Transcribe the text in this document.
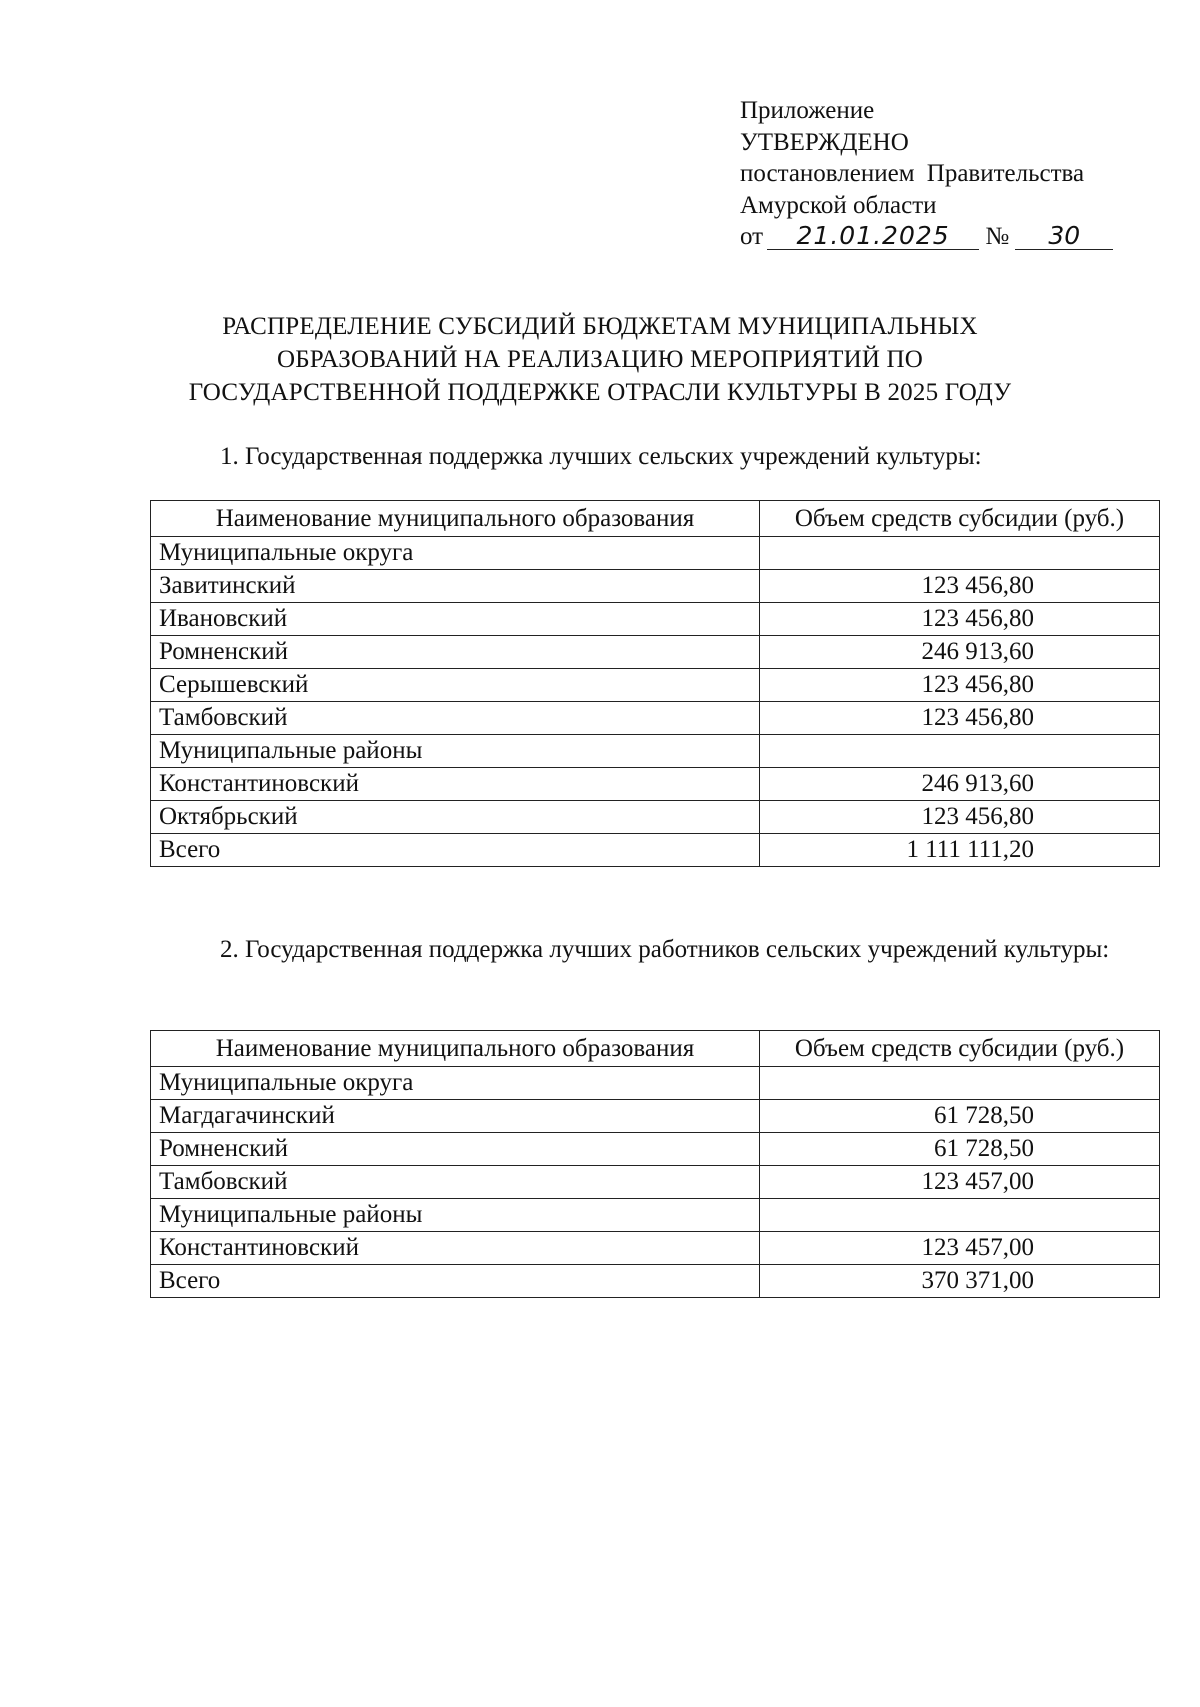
Приложение
УТВЕРЖДЕНО
постановлением Правительства
Амурской области
от 21.01.2025 № 30
РАСПРЕДЕЛЕНИЕ СУБСИДИЙ БЮДЖЕТАМ МУНИЦИПАЛЬНЫХ
ОБРАЗОВАНИЙ НА РЕАЛИЗАЦИЮ МЕРОПРИЯТИЙ ПО
ГОСУДАРСТВЕННОЙ ПОДДЕРЖКЕ ОТРАСЛИ КУЛЬТУРЫ В 2025 ГОДУ
1. Государственная поддержка лучших сельских учреждений культуры:
Наименование муниципального образования	Объем средств субсидии (руб.)
Муниципальные округа	
Завитинский	123 456,80
Ивановский	123 456,80
Ромненский	246 913,60
Серышевский	123 456,80
Тамбовский	123 456,80
Муниципальные районы	
Константиновский	246 913,60
Октябрьский	123 456,80
Всего	1 111 111,20
2. Государственная поддержка лучших работников сельских учреждений культуры:
Наименование муниципального образования	Объем средств субсидии (руб.)
Муниципальные округа	
Магдагачинский	61 728,50
Ромненский	61 728,50
Тамбовский	123 457,00
Муниципальные районы	
Константиновский	123 457,00
Всего	370 371,00
